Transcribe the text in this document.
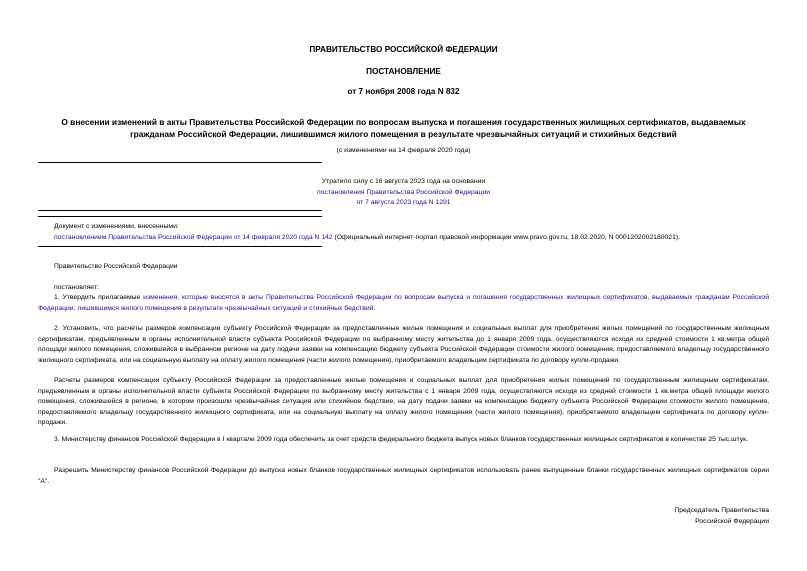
ПРАВИТЕЛЬСТВО РОССИЙСКОЙ ФЕДЕРАЦИИ
ПОСТАНОВЛЕНИЕ
от 7 ноября 2008 года N 832
О внесении изменений в акты Правительства Российской Федерации по вопросам выпуска и погашения государственных жилищных сертификатов, выдаваемых гражданам Российской Федерации, лишившимся жилого помещения в результате чрезвычайных ситуаций и стихийных бедствий
(с изменениями на 14 февраля 2020 года)
Утратило силу с 16 августа 2023 года на основании
постановления Правительства Российской Федерации
от 7 августа 2023 года N 1291
Документ с изменениями, внесенными:
постановлением Правительства Российской Федерации от 14 февраля 2020 года N 142 (Официальный интернет-портал правовой информации www.pravo.gov.ru, 18.02.2020, N 0001202002180021).
Правительство Российской Федерации
постановляет:
1. Утвердить прилагаемые изменения, которые вносятся в акты Правительства Российской Федерации по вопросам выпуска и погашения государственных жилищных сертификатов, выдаваемых гражданам Российской Федерации, лишившимся жилого помещения в результате чрезвычайных ситуаций и стихийных бедствий.
2. Установить, что расчеты размеров компенсации субъекту Российской Федерации за предоставленные жилые помещения и социальных выплат для приобретения жилых помещений по государственным жилищным сертификатам, предъявленным в органы исполнительной власти субъекта Российской Федерации по выбранному месту жительства до 1 января 2009 года, осуществляются исходя из средней стоимости 1 кв.метра общей площади жилого помещения, сложившейся в выбранном регионе на дату подачи заявки на компенсацию бюджету субъекта Российской Федерации стоимости жилого помещения, предоставляемого владельцу государственного жилищного сертификата, или на социальную выплату на оплату жилого помещения (части жилого помещения), приобретаемого владельцем сертификата по договору купли-продажи.
Расчеты размеров компенсации субъекту Российской Федерации за предоставленные жилые помещения и социальных выплат для приобретения жилых помещений по государственным жилищным сертификатам, предъявленным в органы исполнительной власти субъекта Российской Федерации по выбранному месту жительства с 1 января 2009 года, осуществляются исходя из средней стоимости 1 кв.метра общей площади жилого помещения, сложившейся в регионе, в котором произошли чрезвычайная ситуация или стихийное бедствие, на дату подачи заявки на компенсацию бюджету субъекта Российской Федерации стоимости жилого помещения, предоставляемого владельцу государственного жилищного сертификата, или на социальную выплату на оплату жилого помещения (части жилого помещения), приобретаемого владельцем сертификата по договору купли-продажи.
3. Министерству финансов Российской Федерации в I квартале 2009 года обеспечить за счет средств федерального бюджета выпуск новых бланков государственных жилищных сертификатов в количестве 25 тыс.штук.
Разрешить Министерству финансов Российской Федерации до выпуска новых бланков государственных жилищных сертификатов использовать ранее выпущенные бланки государственных жилищных сертификатов серии "А".
Председатель Правительства
Российской Федерации
